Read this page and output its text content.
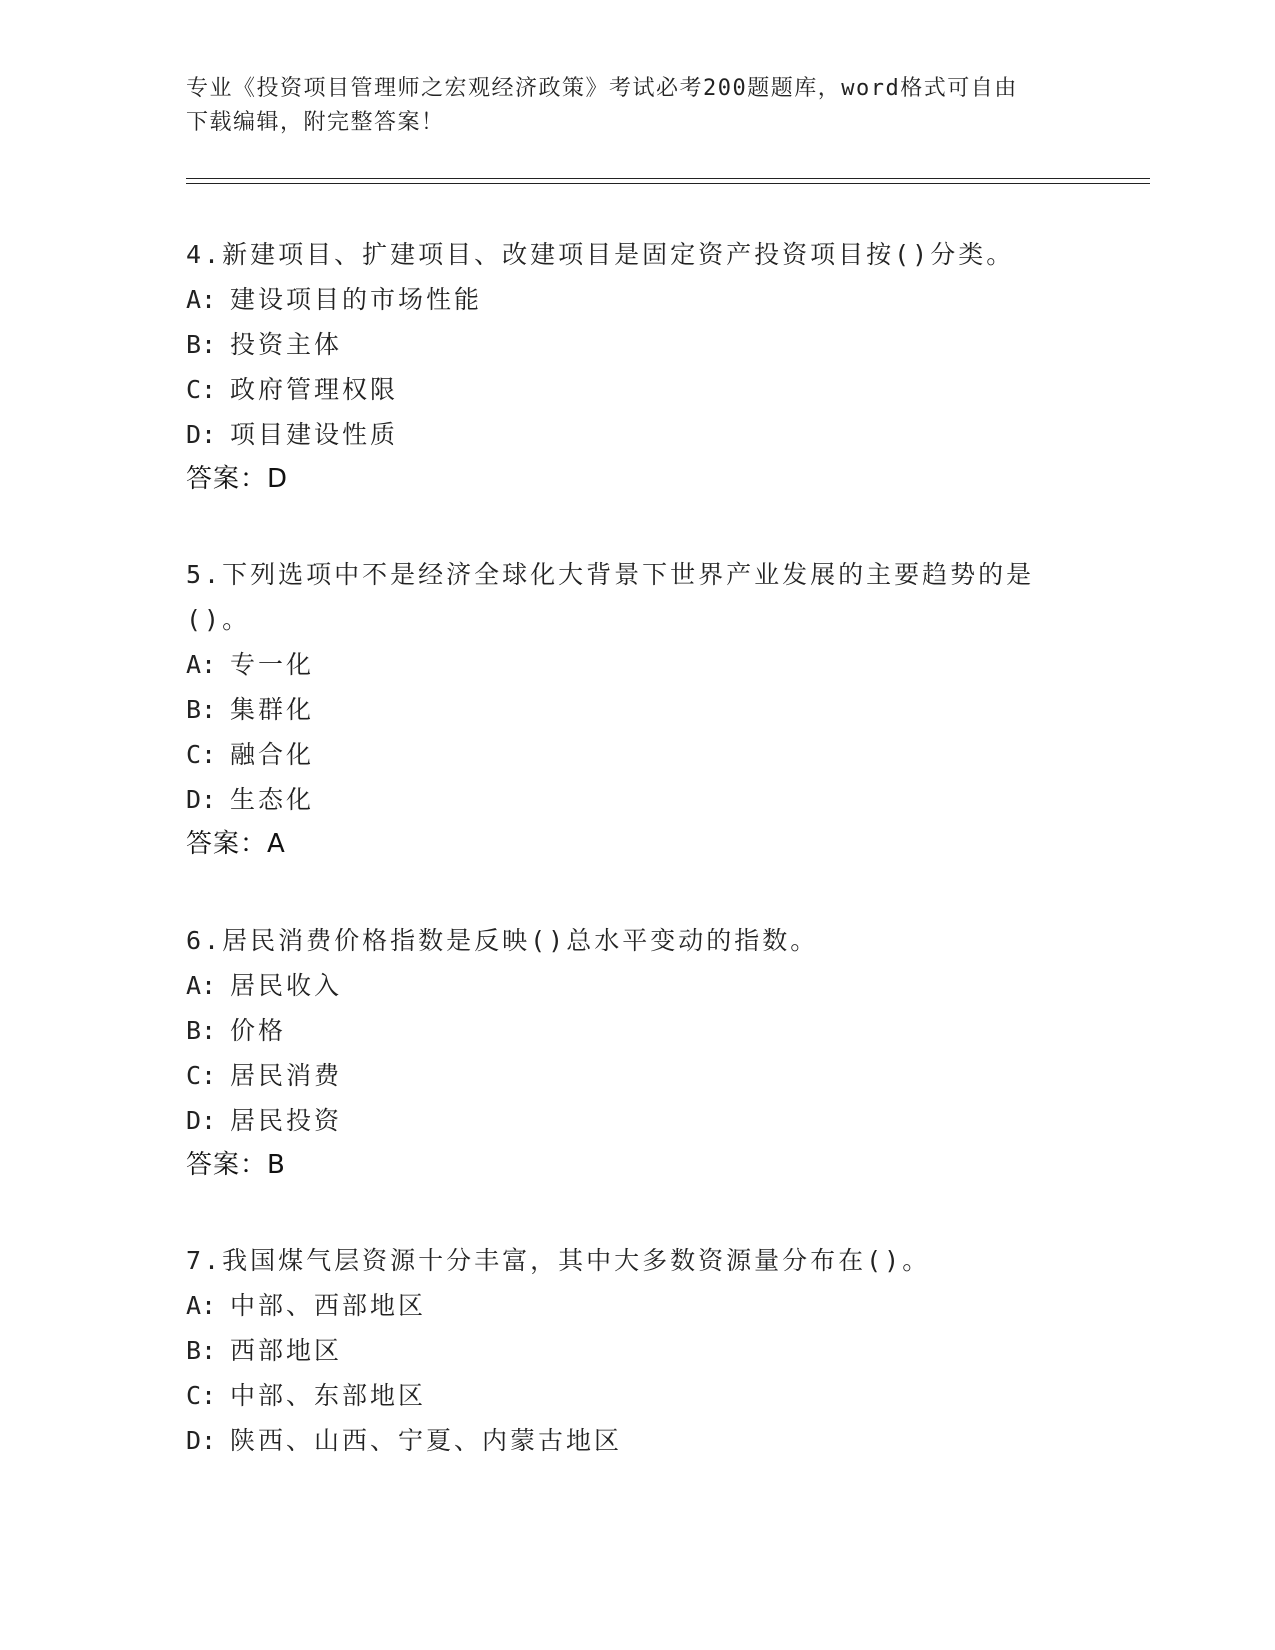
专业《投资项目管理师之宏观经济政策》考试必考200题题库，word格式可自由
下载编辑，附完整答案！
4.新建项目、扩建项目、改建项目是固定资产投资项目按()分类。
A: 建设项目的市场性能
B: 投资主体
C: 政府管理权限
D: 项目建设性质
答案：D
5.下列选项中不是经济全球化大背景下世界产业发展的主要趋势的是()。
A: 专一化
B: 集群化
C: 融合化
D: 生态化
答案：A
6.居民消费价格指数是反映()总水平变动的指数。
A: 居民收入
B: 价格
C: 居民消费
D: 居民投资
答案：B
7.我国煤气层资源十分丰富，其中大多数资源量分布在()。
A: 中部、西部地区
B: 西部地区
C: 中部、东部地区
D: 陕西、山西、宁夏、内蒙古地区
